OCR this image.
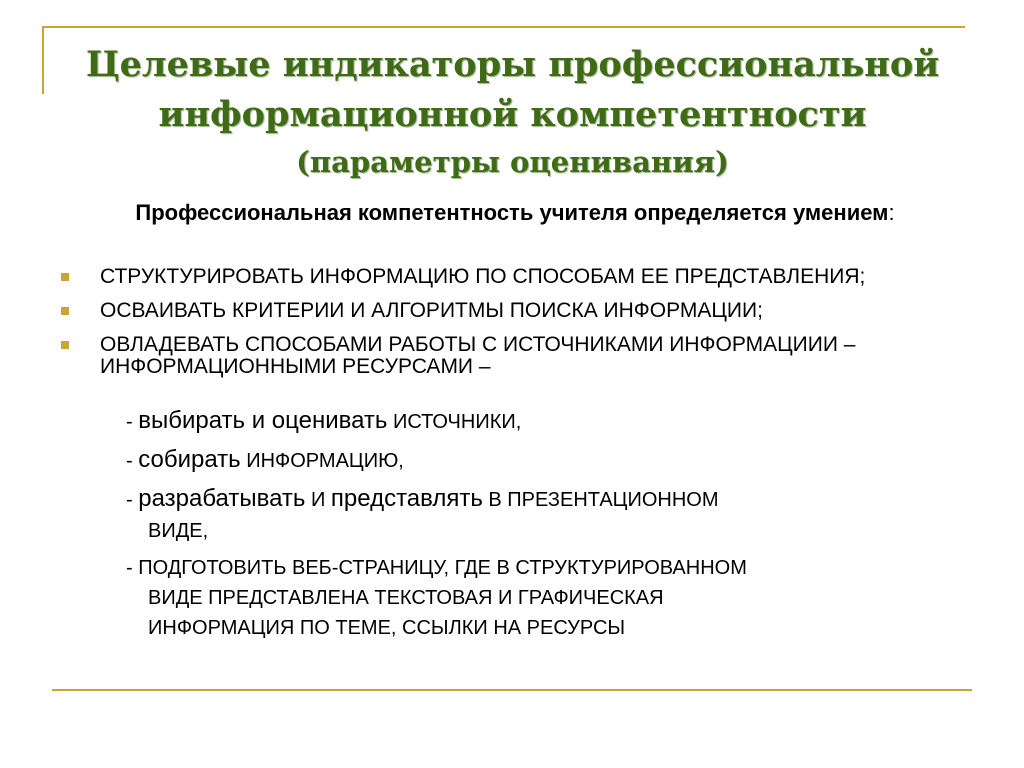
Целевые индикаторы профессиональной
информационной компетентности
(параметры оценивания)
Профессиональная компетентность учителя определяется умением:
СТРУКТУРИРОВАТЬ ИНФОРМАЦИЮ ПО СПОСОБАМ ЕЕ ПРЕДСТАВЛЕНИЯ;
ОСВАИВАТЬ КРИТЕРИИ И АЛГОРИТМЫ ПОИСКА ИНФОРМАЦИИ;
ОВЛАДЕВАТЬ СПОСОБАМИ РАБОТЫ С ИСТОЧНИКАМИ ИНФОРМАЦИИИ – ИНФОРМАЦИОННЫМИ РЕСУРСАМИ –
- выбирать и оценивать ИСТОЧНИКИ,
- собирать ИНФОРМАЦИЮ,
- разрабатывать И представлять В ПРЕЗЕНТАЦИОННОМ
ВИДЕ,
- ПОДГОТОВИТЬ ВЕБ-СТРАНИЦУ, ГДЕ В СТРУКТУРИРОВАННОМ
ВИДЕ ПРЕДСТАВЛЕНА ТЕКСТОВАЯ И ГРАФИЧЕСКАЯ
ИНФОРМАЦИЯ ПО ТЕМЕ, ССЫЛКИ НА РЕСУРСЫ
